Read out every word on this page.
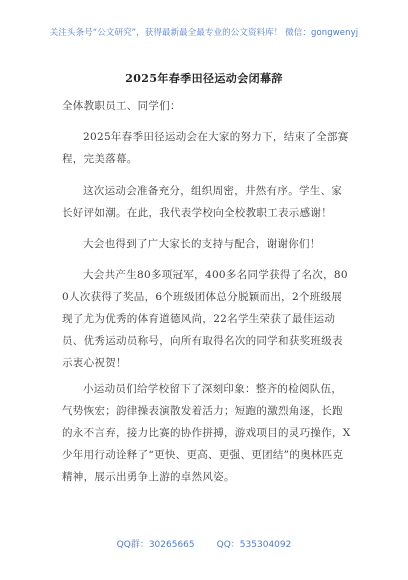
关注头条号“公文研究”，获得最新最全最专业的公文资料库！ 微信：gongwenyj
2025年春季田径运动会闭幕辞
全体教职员工、同学们：
2025年春季田径运动会在大家的努力下，结束了全部赛程，完美落幕。
这次运动会准备充分，组织周密，井然有序。学生、家长好评如潮。在此，我代表学校向全校教职工表示感谢！
大会也得到了广大家长的支持与配合，谢谢你们！
大会共产生80多项冠军，400多名同学获得了名次，800人次获得了奖品，6个班级团体总分脱颖而出，2个班级展现了尤为优秀的体育道德风尚，22名学生荣获了最佳运动员、优秀运动员称号，向所有取得名次的同学和获奖班级表示衷心祝贺！
小运动员们给学校留下了深刻印象：整齐的检阅队伍，气势恢宏；韵律操表演散发着活力；短跑的激烈角逐，长跑的永不言弃，接力比赛的协作拼搏，游戏项目的灵巧操作，X少年用行动诠释了“更快、更高、更强、更团结”的奥林匹克精神，展示出勇争上游的卓然风姿。
QQ群：30265665 QQ：535304092
